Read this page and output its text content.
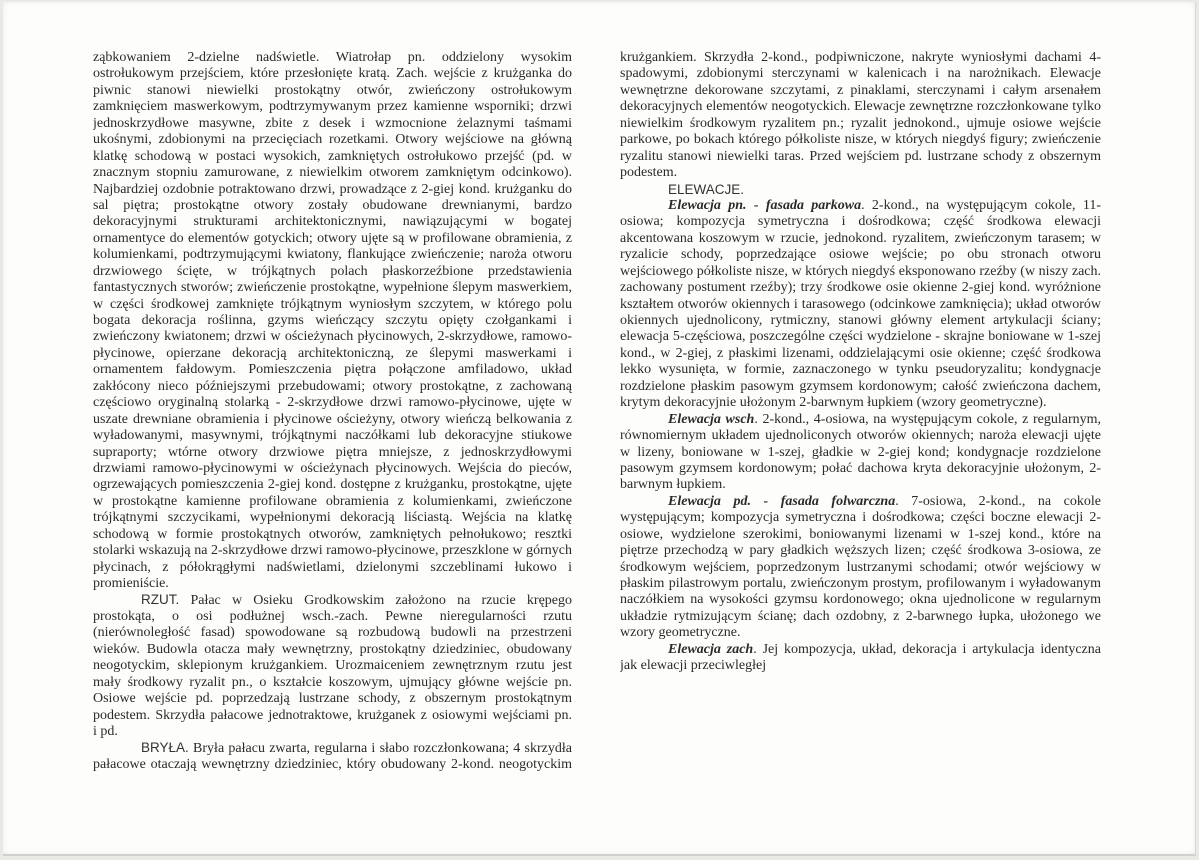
ząbkowaniem 2-dzielne nadświetle. Wiatrołap pn. oddzielony wysokim
ostrołukowym przejściem, które przesłonięte kratą. Zach. wejście z krużganka do
piwnic stanowi niewielki prostokątny otwór, zwieńczony ostrołukowym
zamknięciem maswerkowym, podtrzymywanym przez kamienne wsporniki; drzwi
jednoskrzydłowe masywne, zbite z desek i wzmocnione żelaznymi taśmami
ukośnymi, zdobionymi na przecięciach rozetkami. Otwory wejściowe na główną
klatkę schodową w postaci wysokich, zamkniętych ostrołukowo przejść (pd. w
znacznym stopniu zamurowane, z niewielkim otworem zamkniętym odcinkowo).
Najbardziej ozdobnie potraktowano drzwi, prowadzące z 2-giej kond. krużganku do
sal piętra; prostokątne otwory zostały obudowane drewnianymi, bardzo
dekoracyjnymi strukturami architektonicznymi, nawiązującymi w bogatej
ornamentyce do elementów gotyckich; otwory ujęte są w profilowane obramienia, z
kolumienkami, podtrzymującymi kwiatony, flankujące zwieńczenie; naroża otworu
drzwiowego ścięte, w trójkątnych polach płaskorzeźbione przedstawienia
fantastycznych stworów; zwieńczenie prostokątne, wypełnione ślepym maswerkiem,
w części środkowej zamknięte trójkątnym wyniosłym szczytem, w którego polu
bogata dekoracja roślinna, gzyms wieńczący szczytu opięty czołgankami i
zwieńczony kwiatonem; drzwi w ościeżynach płycinowych, 2-skrzydłowe, ramowo-
płycinowe, opierzane dekoracją architektoniczną, ze ślepymi maswerkami i
ornamentem fałdowym. Pomieszczenia piętra połączone amfiladowo, układ
zakłócony nieco późniejszymi przebudowami; otwory prostokątne, z zachowaną
częściowo oryginalną stolarką - 2-skrzydłowe drzwi ramowo-płycinowe, ujęte w
uszate drewniane obramienia i płycinowe ościeżyny, otwory wieńczą belkowania z
wyładowanymi, masywnymi, trójkątnymi naczółkami lub dekoracyjne stiukowe
supraporty; wtórne otwory drzwiowe piętra mniejsze, z jednoskrzydłowymi
drzwiami ramowo-płycinowymi w ościeżynach płycinowych. Wejścia do pieców,
ogrzewających pomieszczenia 2-giej kond. dostępne z krużganku, prostokątne, ujęte
w prostokątne kamienne profilowane obramienia z kolumienkami, zwieńczone
trójkątnymi szczycikami, wypełnionymi dekoracją liściastą. Wejścia na klatkę
schodową w formie prostokątnych otworów, zamkniętych pełnołukowo; resztki
stolarki wskazują na 2-skrzydłowe drzwi ramowo-płycinowe, przeszklone w górnych
płycinach, z półokrągłymi nadświetlami, dzielonymi szczeblinami łukowo i
promieniście.
RZUT. Pałac w Osieku Grodkowskim założono na rzucie krępego
prostokąta, o osi podłużnej wsch.-zach. Pewne nieregularności rzutu
(nierównoległość fasad) spowodowane są rozbudową budowli na przestrzeni
wieków. Budowla otacza mały wewnętrzny, prostokątny dziedziniec, obudowany
neogotyckim, sklepionym krużgankiem. Urozmaiceniem zewnętrznym rzutu jest
mały środkowy ryzalit pn., o kształcie koszowym, ujmujący główne wejście pn.
Osiowe wejście pd. poprzedzają lustrzane schody, z obszernym prostokątnym
podestem. Skrzydła pałacowe jednotraktowe, krużganek z osiowymi wejściami pn.
i pd.
BRYŁA. Bryła pałacu zwarta, regularna i słabo rozczłonkowana; 4 skrzydła
pałacowe otaczają wewnętrzny dziedziniec, który obudowany 2-kond. neogotyckim
krużgankiem. Skrzydła 2-kond., podpiwniczone, nakryte wyniosłymi dachami 4-
spadowymi, zdobionymi sterczynami w kalenicach i na narożnikach. Elewacje
wewnętrzne dekorowane szczytami, z pinaklami, sterczynami i całym arsenałem
dekoracyjnych elementów neogotyckich. Elewacje zewnętrzne rozczłonkowane tylko
niewielkim środkowym ryzalitem pn.; ryzalit jednokond., ujmuje osiowe wejście
parkowe, po bokach którego półkoliste nisze, w których niegdyś figury; zwieńczenie
ryzalitu stanowi niewielki taras. Przed wejściem pd. lustrzane schody z obszernym
podestem.
ELEWACJE.
Elewacja pn. - fasada parkowa. 2-kond., na występującym cokole, 11-
osiowa; kompozycja symetryczna i dośrodkowa; część środkowa elewacji
akcentowana koszowym w rzucie, jednokond. ryzalitem, zwieńczonym tarasem; w
ryzalicie schody, poprzedzające osiowe wejście; po obu stronach otworu
wejściowego półkoliste nisze, w których niegdyś eksponowano rzeźby (w niszy zach.
zachowany postument rzeźby); trzy środkowe osie okienne 2-giej kond. wyróżnione
kształtem otworów okiennych i tarasowego (odcinkowe zamknięcia); układ otworów
okiennych ujednolicony, rytmiczny, stanowi główny element artykulacji ściany;
elewacja 5-częściowa, poszczególne części wydzielone - skrajne boniowane w 1-szej
kond., w 2-giej, z płaskimi lizenami, oddzielającymi osie okienne; część środkowa
lekko wysunięta, w formie, zaznaczonego w tynku pseudoryzalitu; kondygnacje
rozdzielone płaskim pasowym gzymsem kordonowym; całość zwieńczona dachem,
krytym dekoracyjnie ułożonym 2-barwnym łupkiem (wzory geometryczne).
Elewacja wsch. 2-kond., 4-osiowa, na występującym cokole, z regularnym,
równomiernym układem ujednoliconych otworów okiennych; naroża elewacji ujęte
w lizeny, boniowane w 1-szej, gładkie w 2-giej kond; kondygnacje rozdzielone
pasowym gzymsem kordonowym; połać dachowa kryta dekoracyjnie ułożonym, 2-
barwnym łupkiem.
Elewacja pd. - fasada folwarczna. 7-osiowa, 2-kond., na cokole
występującym; kompozycja symetryczna i dośrodkowa; części boczne elewacji 2-
osiowe, wydzielone szerokimi, boniowanymi lizenami w 1-szej kond., które na
piętrze przechodzą w pary gładkich węższych lizen; część środkowa 3-osiowa, ze
środkowym wejściem, poprzedzonym lustrzanymi schodami; otwór wejściowy w
płaskim pilastrowym portalu, zwieńczonym prostym, profilowanym i wyładowanym
naczółkiem na wysokości gzymsu kordonowego; okna ujednolicone w regularnym
układzie rytmizującym ścianę; dach ozdobny, z 2-barwnego łupka, ułożonego we
wzory geometryczne.
Elewacja zach. Jej kompozycja, układ, dekoracja i artykulacja identyczna
jak elewacji przeciwległej
